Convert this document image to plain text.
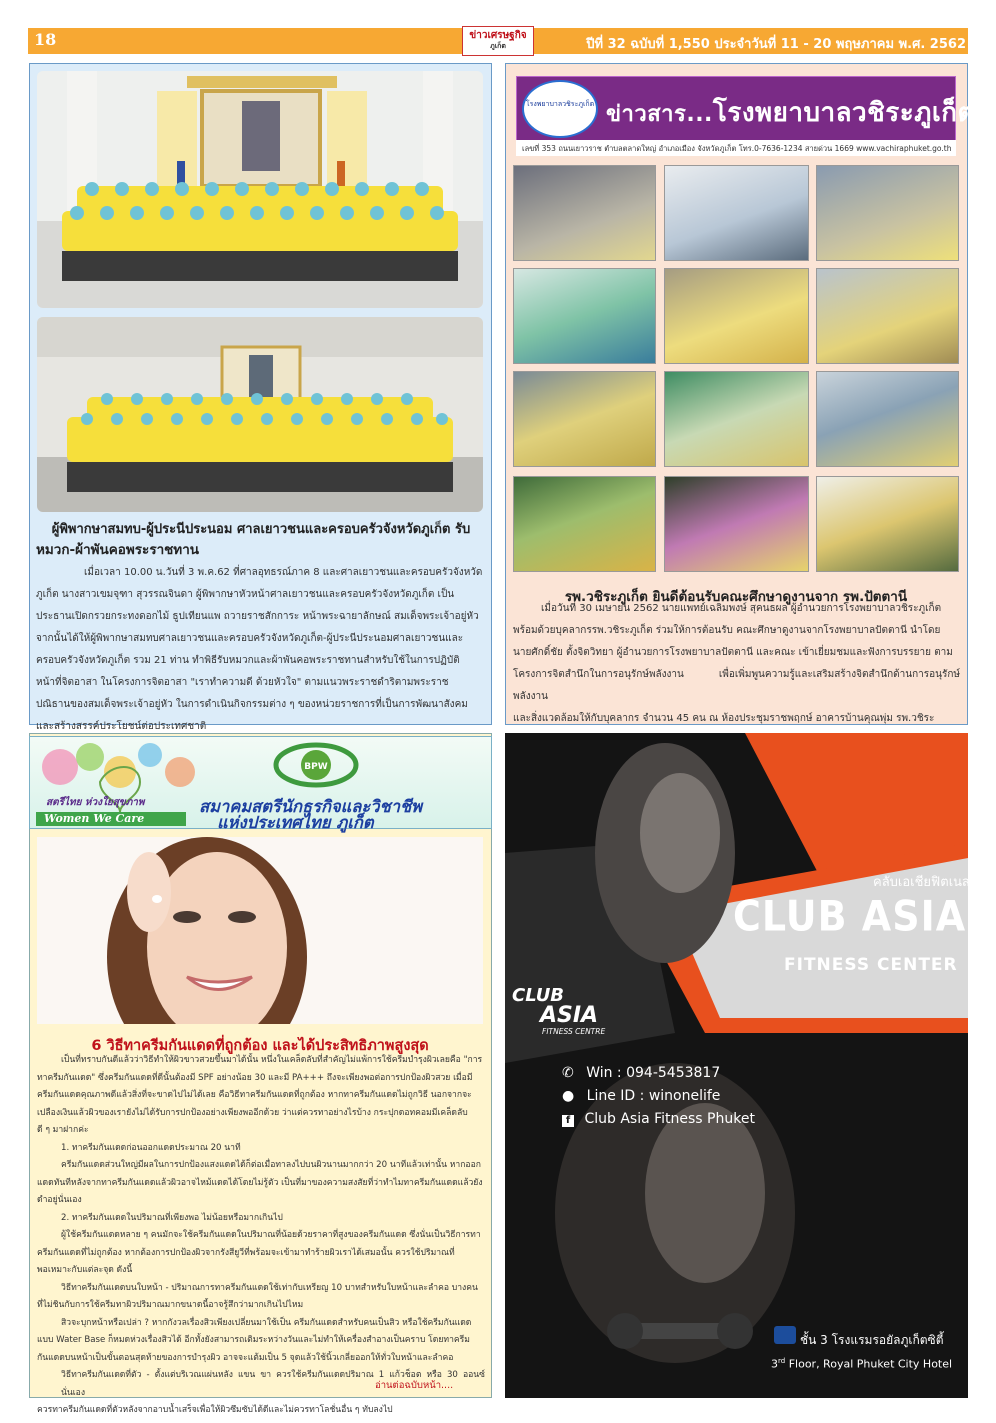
18	ข่าวเศรษฐกิจ
ภูเก็ต	ปีที่ 32 ฉบับที่ 1,550 ประจำวันที่ 11 - 20 พฤษภาคม พ.ศ. 2562
ผู้พิพากษาสมทบ-ผู้ประนีประนอม ศาลเยาวชนและครอบครัวจังหวัดภูเก็ต รับ
หมวก-ผ้าพันคอพระราชทาน

เมื่อเวลา 10.00 น.วันที่ 3 พ.ค.62 ที่ศาลอุทธรณ์ภาค 8 และศาลเยาวชนและครอบครัวจังหวัด

ภูเก็ต นางสาวเขมจุฑา สุวรรณจินดา ผู้พิพากษาหัวหน้าศาลเยาวชนและครอบครัวจังหวัดภูเก็ต เป็น

ประธานเปิดกรวยกระทงดอกไม้ ธูปเทียนแพ ถวายราชสักการะ หน้าพระฉายาลักษณ์ สมเด็จพระเจ้าอยู่หัว

จากนั้นได้ให้ผู้พิพากษาสมทบศาลเยาวชนและครอบครัวจังหวัดภูเก็ต-ผู้ประนีประนอมศาลเยาวชนและ

ครอบครัวจังหวัดภูเก็ต รวม 21 ท่าน ทำพิธีรับหมวกและผ้าพันคอพระราชทานสำหรับใช้ในการปฏิบัติ

หน้าที่จิตอาสา ในโครงการจิตอาสา "เราทำความดี ด้วยหัวใจ" ตามแนวพระราชดำริตามพระราช

ปณิธานของสมเด็จพระเจ้าอยู่หัว ในการดำเนินกิจกรรมต่าง ๆ ของหน่วยราชการที่เป็นการพัฒนาสังคม

และสร้างสรรค์ประโยชน์ต่อประเทศชาติ

โรงพยาบาลวชิระภูเก็ต ข่าวสาร...โรงพยาบาลวชิระภูเก็ต
เลขที่ 353 ถนนเยาวราช ตำบลตลาดใหญ่ อำเภอเมือง จังหวัดภูเก็ต โทร.0-7636-1234 สายด่วน 1669 www.vachiraphuket.go.th
รพ.วชิระภูเก็ต ยินดีต้อนรับคณะศึกษาดูงานจาก รพ.ปัตตานี

เมื่อวันที่ 30 เมษายน 2562 นายแพทย์เฉลิมพงษ์ สุคนธผล ผู้อำนวยการโรงพยาบาลวชิระภูเก็ต

พร้อมด้วยบุคลากรรพ.วชิระภูเก็ต ร่วมให้การต้อนรับ คณะศึกษาดูงานจากโรงพยาบาลปัตตานี นำโดย

นายศักดิ์ชัย ตั้งจิตวิทยา ผู้อำนวยการโรงพยาบาลปัตตานี และคณะ เข้าเยี่ยมชมและฟังการบรรยาย ตาม

โครงการจิตสำนึกในการอนุรักษ์พลังงาน เพื่อเพิ่มพูนความรู้และเสริมสร้างจิตสำนึกด้านการอนุรักษ์พลังงาน

และสิ่งแวดล้อมให้กับบุคลากร จำนวน 45 คน ณ ห้องประชุมราชพฤกษ์ อาคารบ้านคุณพุ่ม รพ.วชิระ

BPW
สมาคมสตรีนักธุรกิจและวิชาชีพ
แห่งประเทศไทย ภูเก็ต
สตรีไทย ห่วงใยสุขภาพ
Women We Care
6 วิธีทาครีมกันแดดที่ถูกต้อง และได้ประสิทธิภาพสูงสุด

เป็นที่ทราบกันดีแล้วว่าวิธีทำให้ผิวขาวสวยขึ้นมาได้นั้น หนึ่งในเคล็ดลับที่สำคัญไม่แพ้การใช้ครีมบำรุงผิวเลยคือ "การ

ทาครีมกันแดด" ซึ่งครีมกันแดดที่ดีนั้นต้องมี SPF อย่างน้อย 30 และมี PA+++ ถึงจะเพียงพอต่อการปกป้องผิวสวย เมื่อมี

ครีมกันแดดคุณภาพดีแล้วสิ่งที่จะขาดไปไม่ได้เลย คือวิธีทาครีมกันแดดที่ถูกต้อง หากทาครีมกันแดดไม่ถูกวิธี นอกจากจะ

เปลืองเงินแล้วผิวของเรายังไม่ได้รับการปกป้องอย่างเพียงพออีกด้วย ว่าแต่ควรทาอย่างไรบ้าง กระปุกดอทคอมมีเคล็ดลับ

ดี ๆ มาฝากค่ะ

1. ทาครีมกันแดดก่อนออกแดดประมาณ 20 นาที

ครีมกันแดดส่วนใหญ่มีผลในการปกป้องแสงแดดได้ก็ต่อเมื่อทาลงไปบนผิวนานมากกว่า 20 นาทีแล้วเท่านั้น หากออก

แดดทันทีหลังจากทาครีมกันแดดแล้วผิวอาจไหม้แดดได้โดยไม่รู้ตัว เป็นที่มาของความสงสัยที่ว่าทำไมทาครีมกันแดดแล้วยัง

ดำอยู่นั่นเอง

2. ทาครีมกันแดดในปริมาณที่เพียงพอ ไม่น้อยหรือมากเกินไป

ผู้ใช้ครีมกันแดดหลาย ๆ คนมักจะใช้ครีมกันแดดในปริมาณที่น้อยด้วยราคาที่สูงของครีมกันแดด ซึ่งนั่นเป็นวิธีการทา

ครีมกันแดดที่ไม่ถูกต้อง หากต้องการปกป้องผิวจากรังสียูวีที่พร้อมจะเข้ามาทำร้ายผิวเราได้เสมอนั้น ควรใช้ปริมาณที่

พอเหมาะกับแต่ละจุด ดังนี้

วิธีทาครีมกันแดดบนใบหน้า - ปริมาณการทาครีมกันแดดใช้เท่ากับเหรียญ 10 บาทสำหรับใบหน้าและลำคอ บางคน

ที่ไม่ชินกับการใช้ครีมทาผิวปริมาณมากขนาดนี้อาจรู้สึกว่ามากเกินไปไหม

สิวจะบุกหน้าหรือเปล่า ? หากกังวลเรื่องสิวเพียงเปลี่ยนมาใช้เป็น ครีมกันแดดสำหรับคนเป็นสิว หรือใช้ครีมกันแดด

แบบ Water Base ก็หมดห่วงเรื่องสิวได้ อีกทั้งยังสามารถเติมระหว่างวันและไม่ทำให้เครื่องสำอางเป็นคราบ โดยทาครีม

กันแดดบนหน้าเป็นขั้นตอนสุดท้ายของการบำรุงผิว อาจจะแต้มเป็น 5 จุดแล้วใช้นิ้วเกลี่ยออกให้ทั่วใบหน้าและลำคอ

วิธีทาครีมกันแดดที่ตัว - ตั้งแต่บริเวณแผ่นหลัง แขน ขา ควรใช้ครีมกันแดดปริมาณ 1 แก้วช็อต หรือ 30 ออนซ์นั่นเอง

ควรทาครีมกันแดดที่ตัวหลังจากอาบน้ำเสร็จเพื่อให้ผิวซึมซับได้ดีและไม่ควรทาโลชั่นอื่น ๆ ทับลงไป

อ่านต่อฉบับหน้า....
คลับเอเชียฟิตเนส
CLUB ASIA
FITNESS CENTER
CLUB
ASIA
FITNESS CENTRE
✆ Win : 094-5453817
● Line ID : winonelife
f Club Asia Fitness Phuket
ชั้น 3 โรงแรมรอยัลภูเก็ตซิตี้
3rd Floor, Royal Phuket City Hotel
